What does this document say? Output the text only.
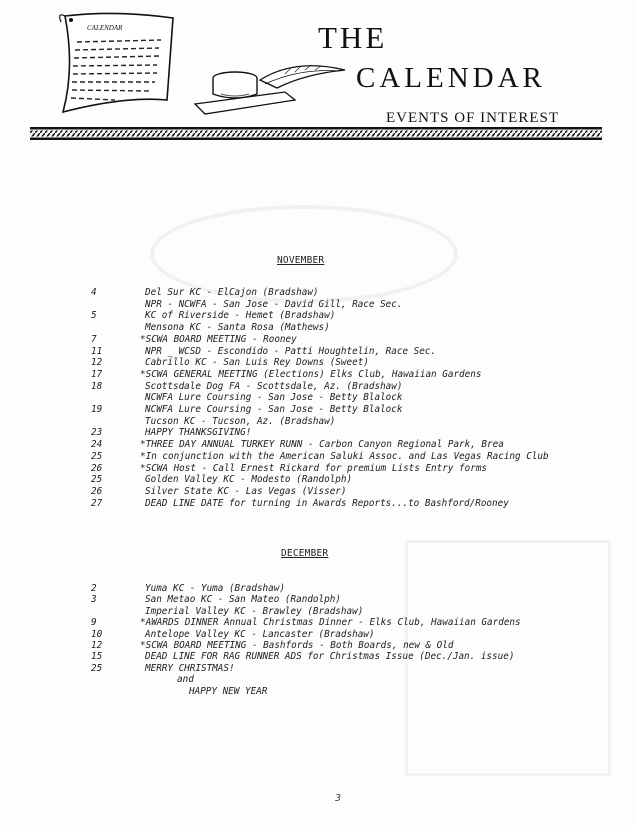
CALENDAR	THE
CALENDAR
EVENTS OF INTEREST
NOVEMBER
4	Del Sur KC - ElCajon (Bradshaw)
NPR - NCWFA - San Jose - David Gill, Race Sec.
5	KC of Riverside - Hemet (Bradshaw)
Mensona KC - Santa Rosa (Mathews)
7	*SCWA BOARD MEETING - Rooney
11	NPR _ WCSD - Escondido - Patti Houghtelin, Race Sec.
12	Cabrillo KC - San Luis Rey Downs (Sweet)
17	*SCWA GENERAL MEETING (Elections) Elks Club, Hawaiian Gardens
18	Scottsdale Dog FA - Scottsdale, Az. (Bradshaw)
NCWFA Lure Coursing - San Jose - Betty Blalock
19	NCWFA Lure Coursing - San Jose - Betty Blalock
Tucson KC - Tucson, Az. (Bradshaw)
23	HAPPY THANKSGIVING!
24	*THREE DAY ANNUAL TURKEY RUNN - Carbon Canyon Regional Park, Brea
25	*In conjunction with the American Saluki Assoc. and Las Vegas Racing Club
26	*SCWA Host - Call Ernest Rickard for premium Lists Entry forms
25	Golden Valley KC - Modesto (Randolph)
26	Silver State KC - Las Vegas (Visser)
27	DEAD LINE DATE for turning in Awards Reports...to Bashford/Rooney
DECEMBER
2	Yuma KC - Yuma (Bradshaw)
3	San Metao KC - San Mateo (Randolph)
Imperial Valley KC - Brawley (Bradshaw)
9	*AWARDS DINNER Annual Christmas Dinner - Elks Club, Hawaiian Gardens
10	Antelope Valley KC - Lancaster (Bradshaw)
12	*SCWA BOARD MEETING - Bashfords - Both Boards, new & Old
15	DEAD LINE FOR RAG RUNNER ADS for Christmas Issue (Dec./Jan. issue)
25	MERRY CHRISTMAS!
and
HAPPY NEW YEAR
3
